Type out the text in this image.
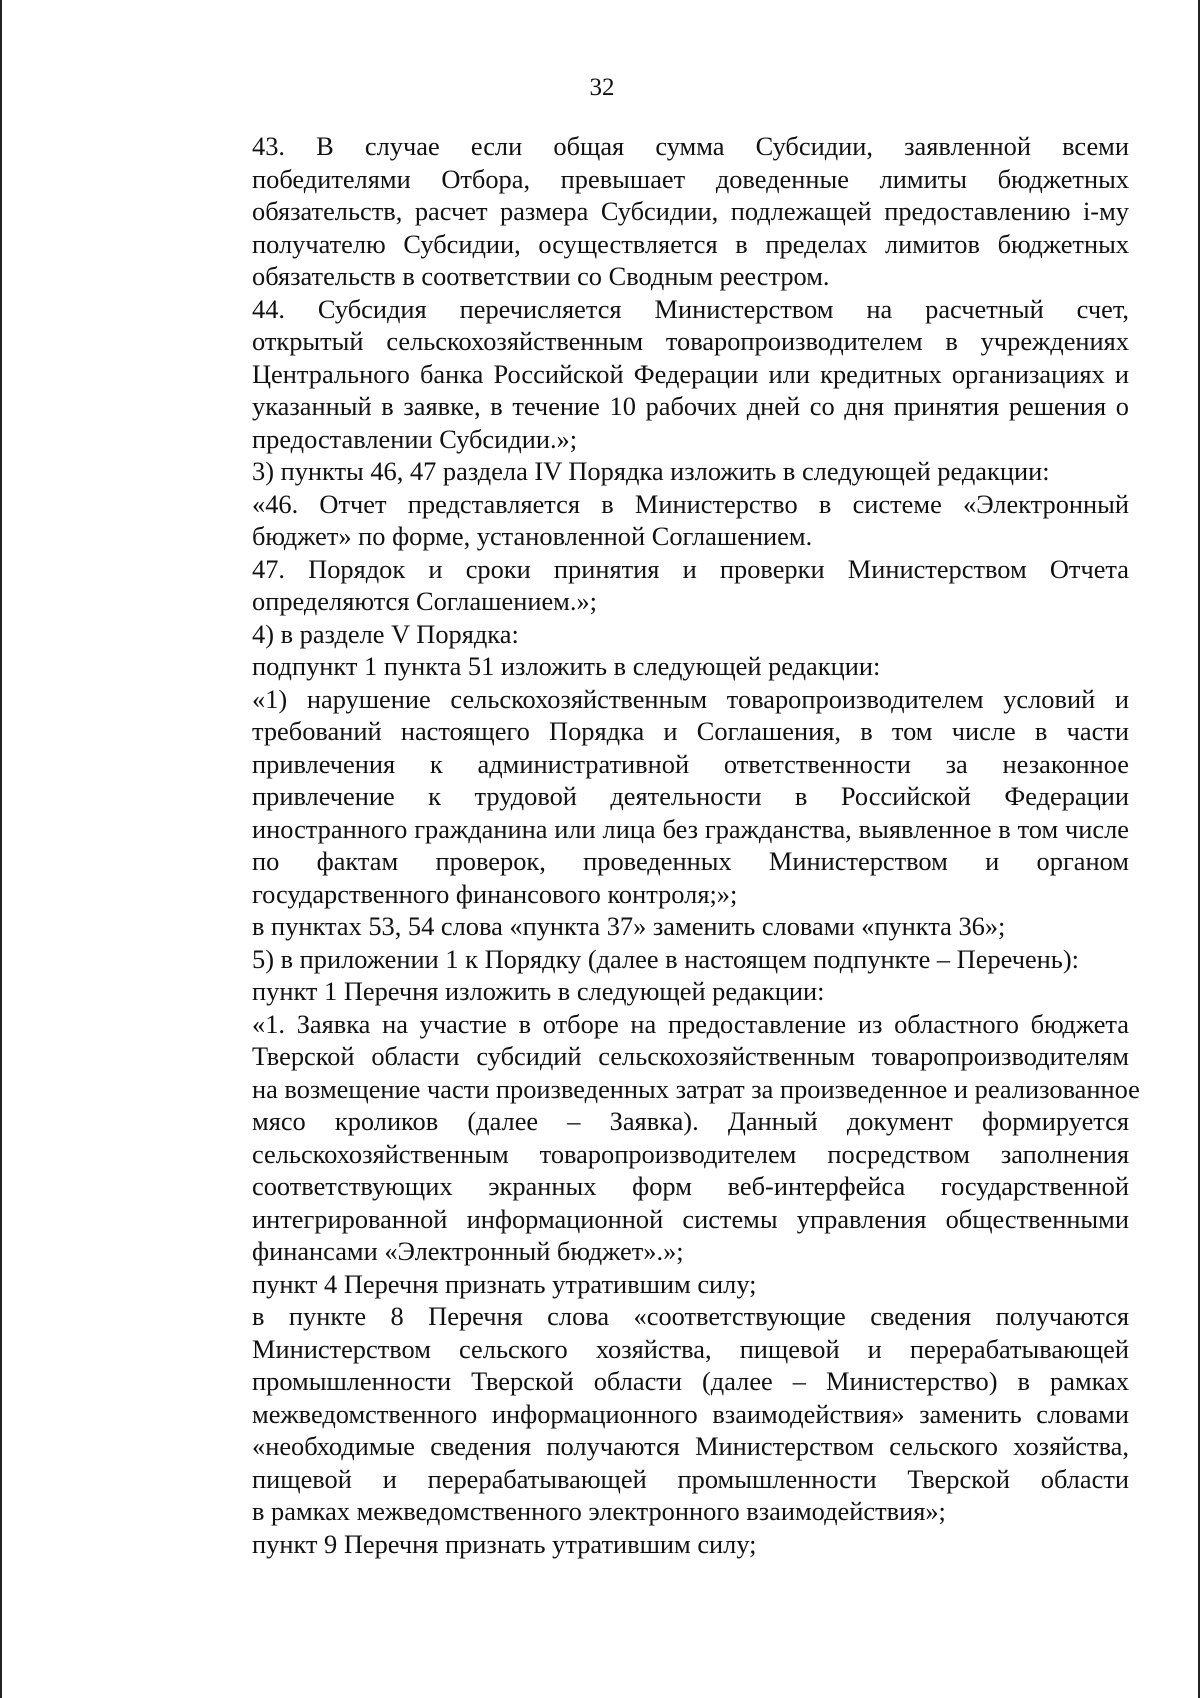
32
43. В случае если общая сумма Субсидии, заявленной всеми
победителями Отбора, превышает доведенные лимиты бюджетных
обязательств, расчет размера Субсидии, подлежащей предоставлению i-му
получателю Субсидии, осуществляется в пределах лимитов бюджетных
обязательств в соответствии со Сводным реестром.
44. Субсидия перечисляется Министерством на расчетный счет,
открытый сельскохозяйственным товаропроизводителем в учреждениях
Центрального банка Российской Федерации или кредитных организациях и
указанный в заявке, в течение 10 рабочих дней со дня принятия решения о
предоставлении Субсидии.»;
3) пункты 46, 47 раздела IV Порядка изложить в следующей редакции:
«46. Отчет представляется в Министерство в системе «Электронный
бюджет» по форме, установленной Соглашением.
47. Порядок и сроки принятия и проверки Министерством Отчета
определяются Соглашением.»;
4) в разделе V Порядка:
подпункт 1 пункта 51 изложить в следующей редакции:
«1) нарушение сельскохозяйственным товаропроизводителем условий и
требований настоящего Порядка и Соглашения, в том числе в части
привлечения к административной ответственности за незаконное
привлечение к трудовой деятельности в Российской Федерации
иностранного гражданина или лица без гражданства, выявленное в том числе
по фактам проверок, проведенных Министерством и органом
государственного финансового контроля;»;
в пунктах 53, 54 слова «пункта 37» заменить словами «пункта 36»;
5) в приложении 1 к Порядку (далее в настоящем подпункте – Перечень):
пункт 1 Перечня изложить в следующей редакции:
«1. Заявка на участие в отборе на предоставление из областного бюджета
Тверской области субсидий сельскохозяйственным товаропроизводителям
на возмещение части произведенных затрат за произведенное и реализованное
мясо кроликов (далее – Заявка). Данный документ формируется
сельскохозяйственным товаропроизводителем посредством заполнения
соответствующих экранных форм веб-интерфейса государственной
интегрированной информационной системы управления общественными
финансами «Электронный бюджет».»;
пункт 4 Перечня признать утратившим силу;
в пункте 8 Перечня слова «соответствующие сведения получаются
Министерством сельского хозяйства, пищевой и перерабатывающей
промышленности Тверской области (далее – Министерство) в рамках
межведомственного информационного взаимодействия» заменить словами
«необходимые сведения получаются Министерством сельского хозяйства,
пищевой и перерабатывающей промышленности Тверской области
в рамках межведомственного электронного взаимодействия»;
пункт 9 Перечня признать утратившим силу;
